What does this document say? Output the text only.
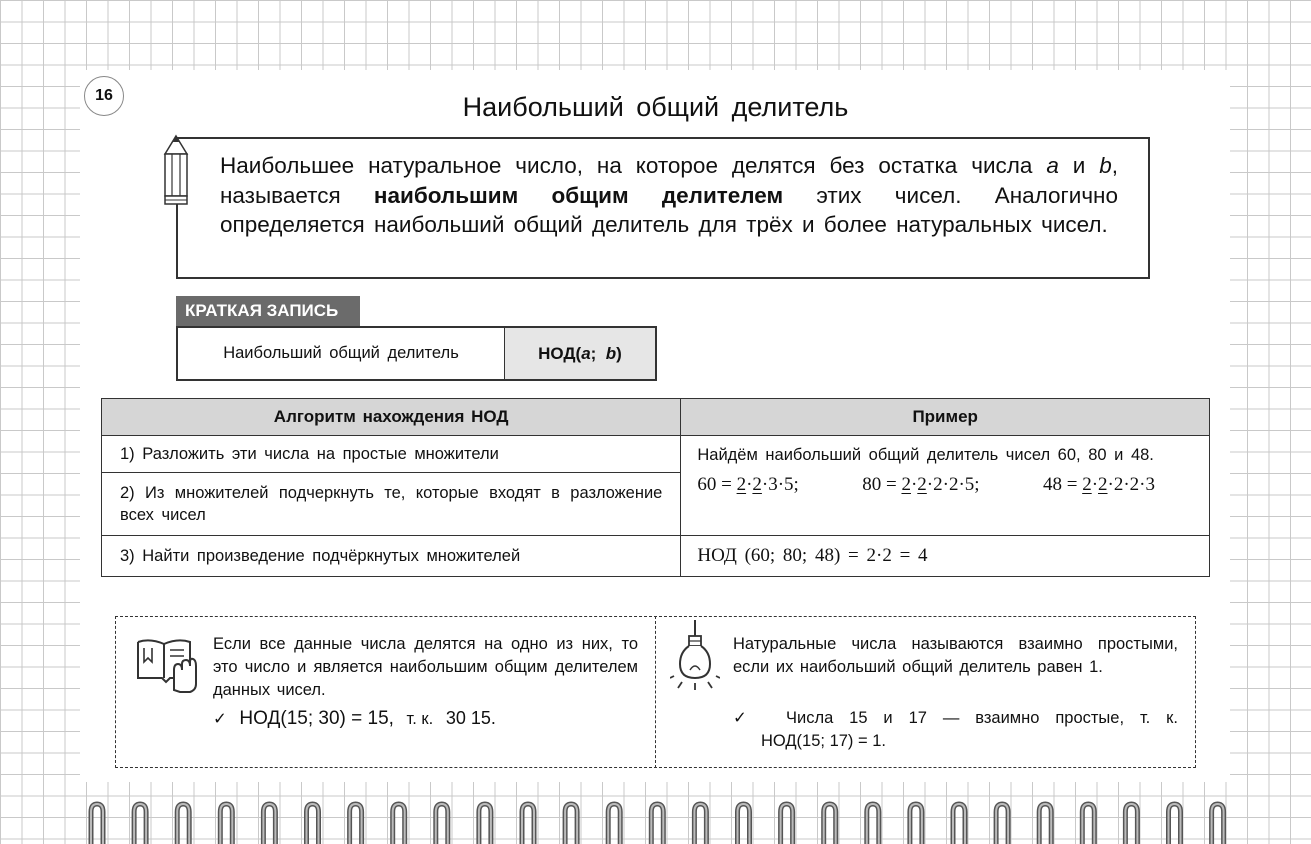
16	Наибольший общий делитель
Наибольшее натуральное число, на которое делятся без остатка числа a и b, называется наибольшим общим делителем этих чисел. Аналогично определяется наибольший общий делитель для трёх и более натуральных чисел.
КРАТКАЯ ЗАПИСЬ
Наибольший общий делитель	НОД( a ; b )
Алгоритм нахождения НОД	Пример
1) Разложить эти числа на простые множители	Найдём наибольший общий делитель чисел 60, 80 и 48.
60 = 2·2·3·5; 80 = 2·2·2·2·5; 48 = 2·2·2·2·3

2) Из множителей подчеркнуть те, которые входят в разложение всех чисел	
3) Найти произведение подчёркнутых множителей	НОД (60; 80; 48) = 2·2 = 4
Если все данные числа делятся на одно из них, то это число и является наибольшим общим делителем данных чисел.
✓ НОД(15; 30) = 15, т. к. 30 15.
Натуральные числа называются взаимно простыми, если их наибольший общий делитель равен 1.
✓ Числа 15 и 17 — взаимно простые, т. к.
НОД(15; 17) = 1.
